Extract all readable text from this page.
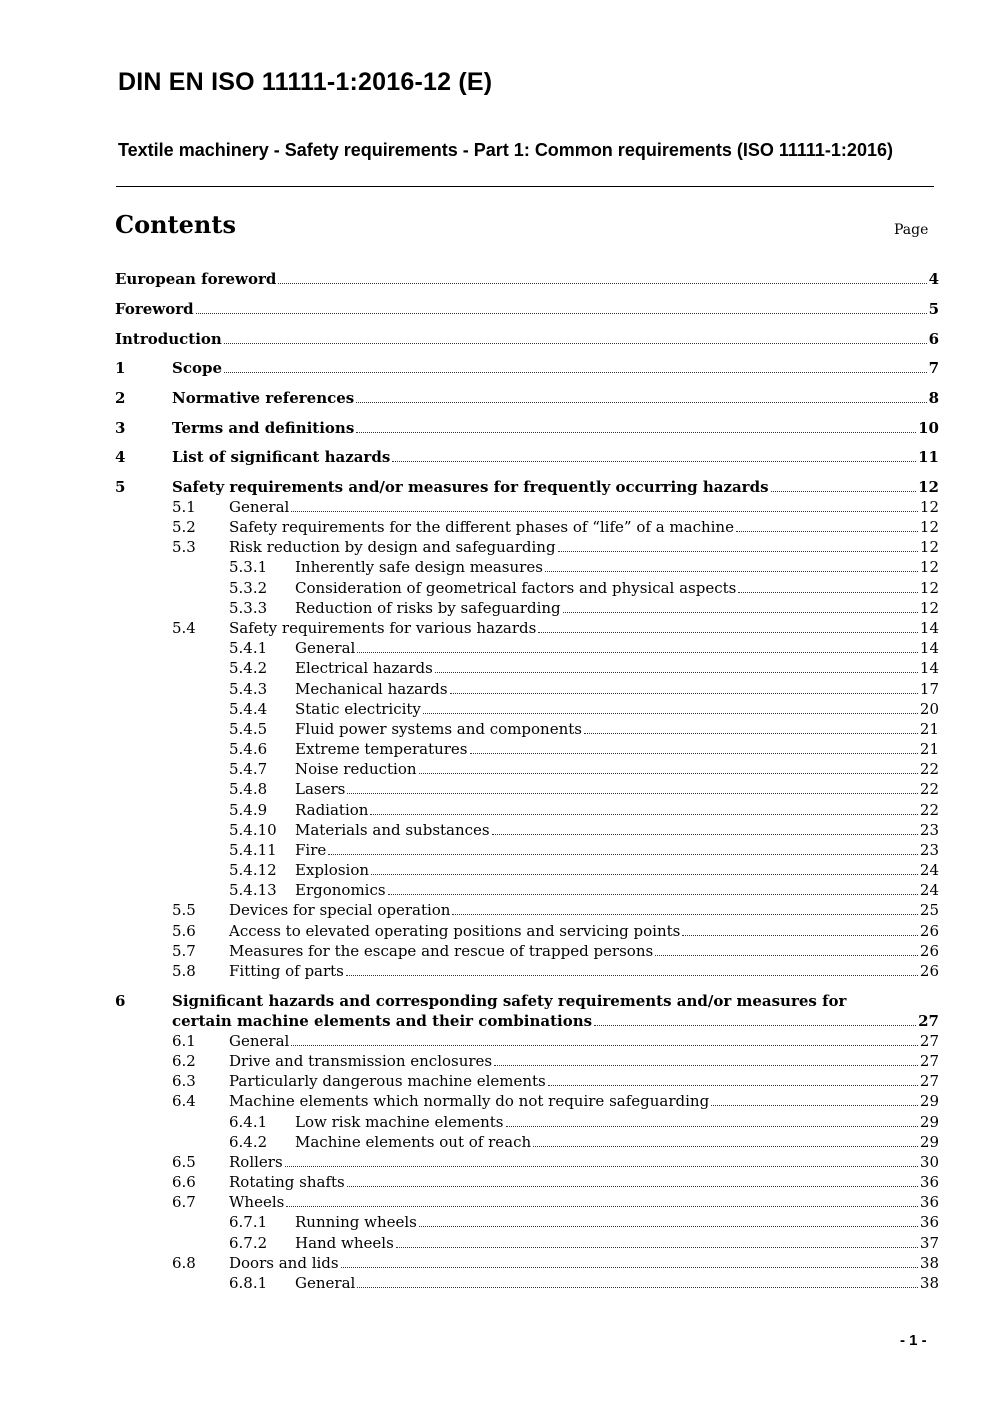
DIN EN ISO 11111-1:2016-12 (E)
Textile machinery - Safety requirements - Part 1: Common requirements (ISO 11111-1:2016)
Contents	Page
European foreword	4
Foreword	5
Introduction	6
1	Scope	7
2	Normative references	8
3	Terms and definitions	10
4	List of significant hazards	11
5	Safety requirements and/or measures for frequently occurring hazards	12
5.1 General	12
5.2 Safety requirements for the different phases of “life” of a machine	12
5.3 Risk reduction by design and safeguarding	12
5.3.1 Inherently safe design measures	12
5.3.2 Consideration of geometrical factors and physical aspects	12
5.3.3 Reduction of risks by safeguarding	12
5.4 Safety requirements for various hazards	14
5.4.1 General	14
5.4.2 Electrical hazards	14
5.4.3 Mechanical hazards	17
5.4.4 Static electricity	20
5.4.5 Fluid power systems and components	21
5.4.6 Extreme temperatures	21
5.4.7 Noise reduction	22
5.4.8 Lasers	22
5.4.9 Radiation	22
5.4.10 Materials and substances	23
5.4.11 Fire	23
5.4.12 Explosion	24
5.4.13 Ergonomics	24
5.5 Devices for special operation	25
5.6 Access to elevated operating positions and servicing points	26
5.7 Measures for the escape and rescue of trapped persons	26
5.8 Fitting of parts	26
6	Significant hazards and corresponding safety requirements and/or measures for
certain machine elements and their combinations	27
6.1 General	27
6.2 Drive and transmission enclosures	27
6.3 Particularly dangerous machine elements	27
6.4 Machine elements which normally do not require safeguarding	29
6.4.1 Low risk machine elements	29
6.4.2 Machine elements out of reach	29
6.5 Rollers	30
6.6 Rotating shafts	36
6.7 Wheels	36
6.7.1 Running wheels	36
6.7.2 Hand wheels	37
6.8 Doors and lids	38
6.8.1 General	38
- 1 -
